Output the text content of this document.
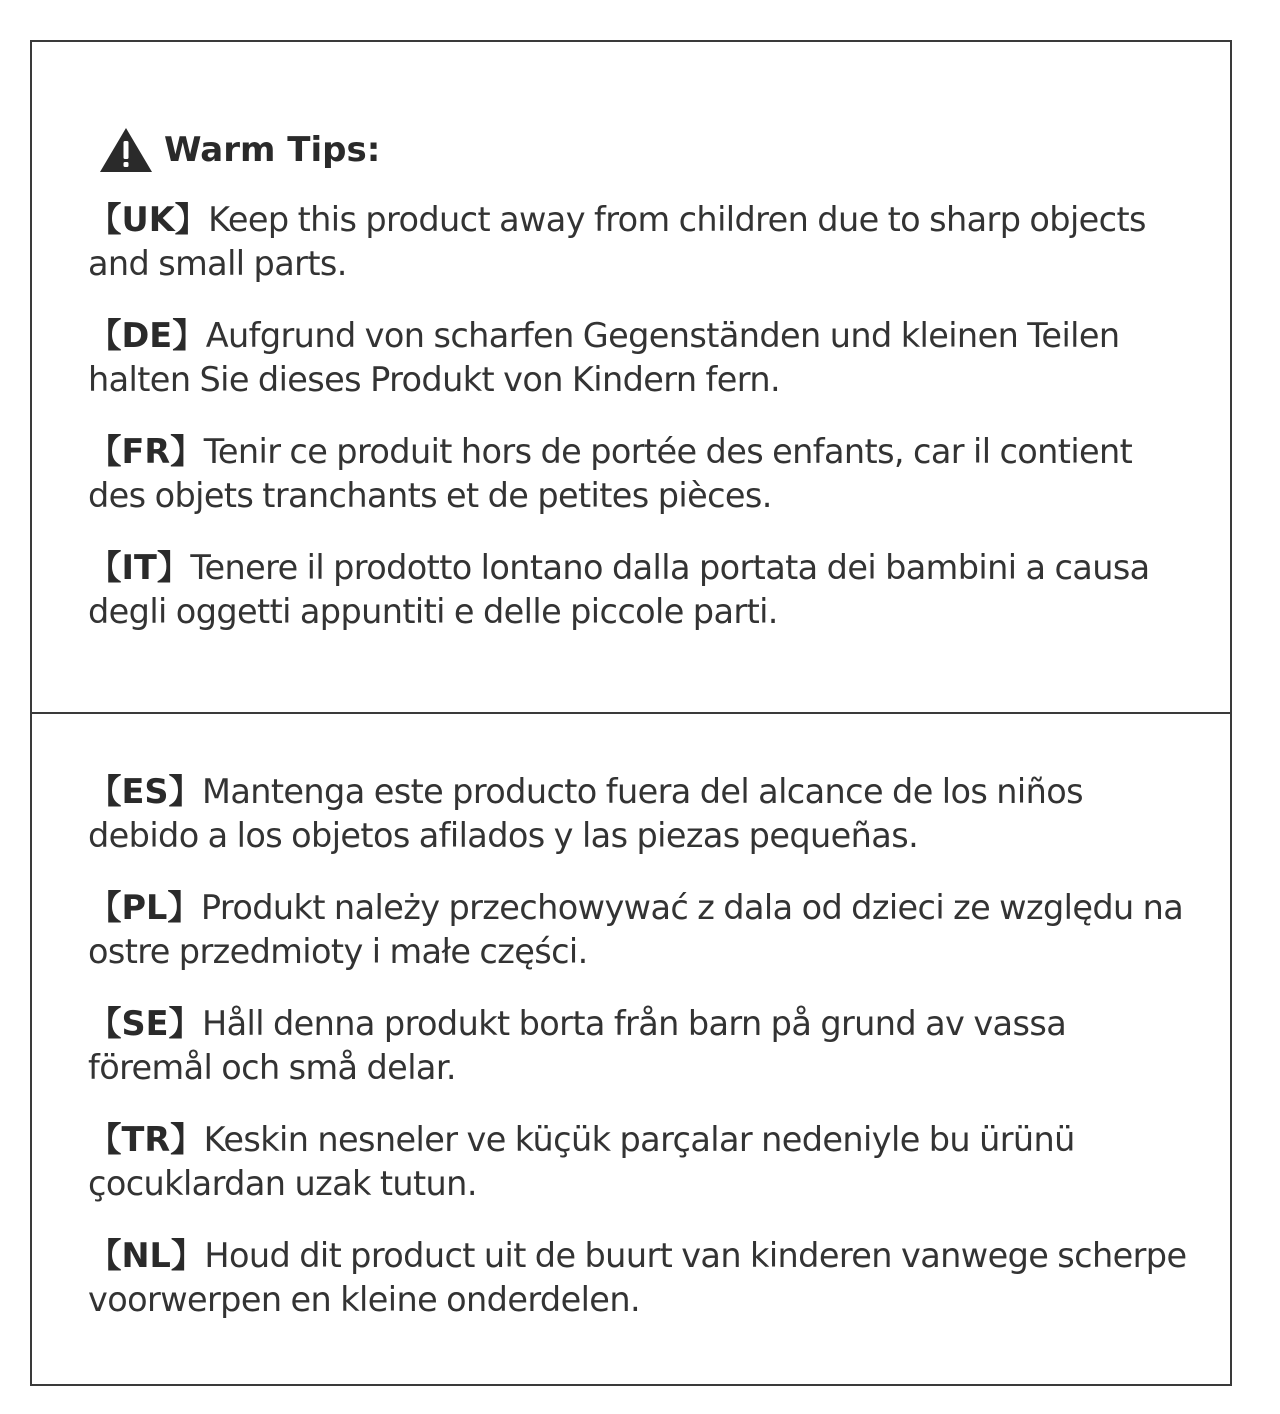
Warm Tips:

【UK】Keep this product away from children due to sharp objects and small parts.

【DE】Aufgrund von scharfen Gegenständen und kleinen Teilen halten Sie dieses Produkt von Kindern fern.

【FR】Tenir ce produit hors de portée des enfants, car il contient des objets tranchants et de petites pièces.

【IT】Tenere il prodotto lontano dalla portata dei bambini a causa degli oggetti appuntiti e delle piccole parti.

【ES】Mantenga este producto fuera del alcance de los niños debido a los objetos afilados y las piezas pequeñas.

【PL】Produkt należy przechowywać z dala od dzieci ze względu na ostre przedmioty i małe części.

【SE】Håll denna produkt borta från barn på grund av vassa föremål och små delar.

【TR】Keskin nesneler ve küçük parçalar nedeniyle bu ürünü çocuklardan uzak tutun.

【NL】Houd dit product uit de buurt van kinderen vanwege scherpe voorwerpen en kleine onderdelen.
